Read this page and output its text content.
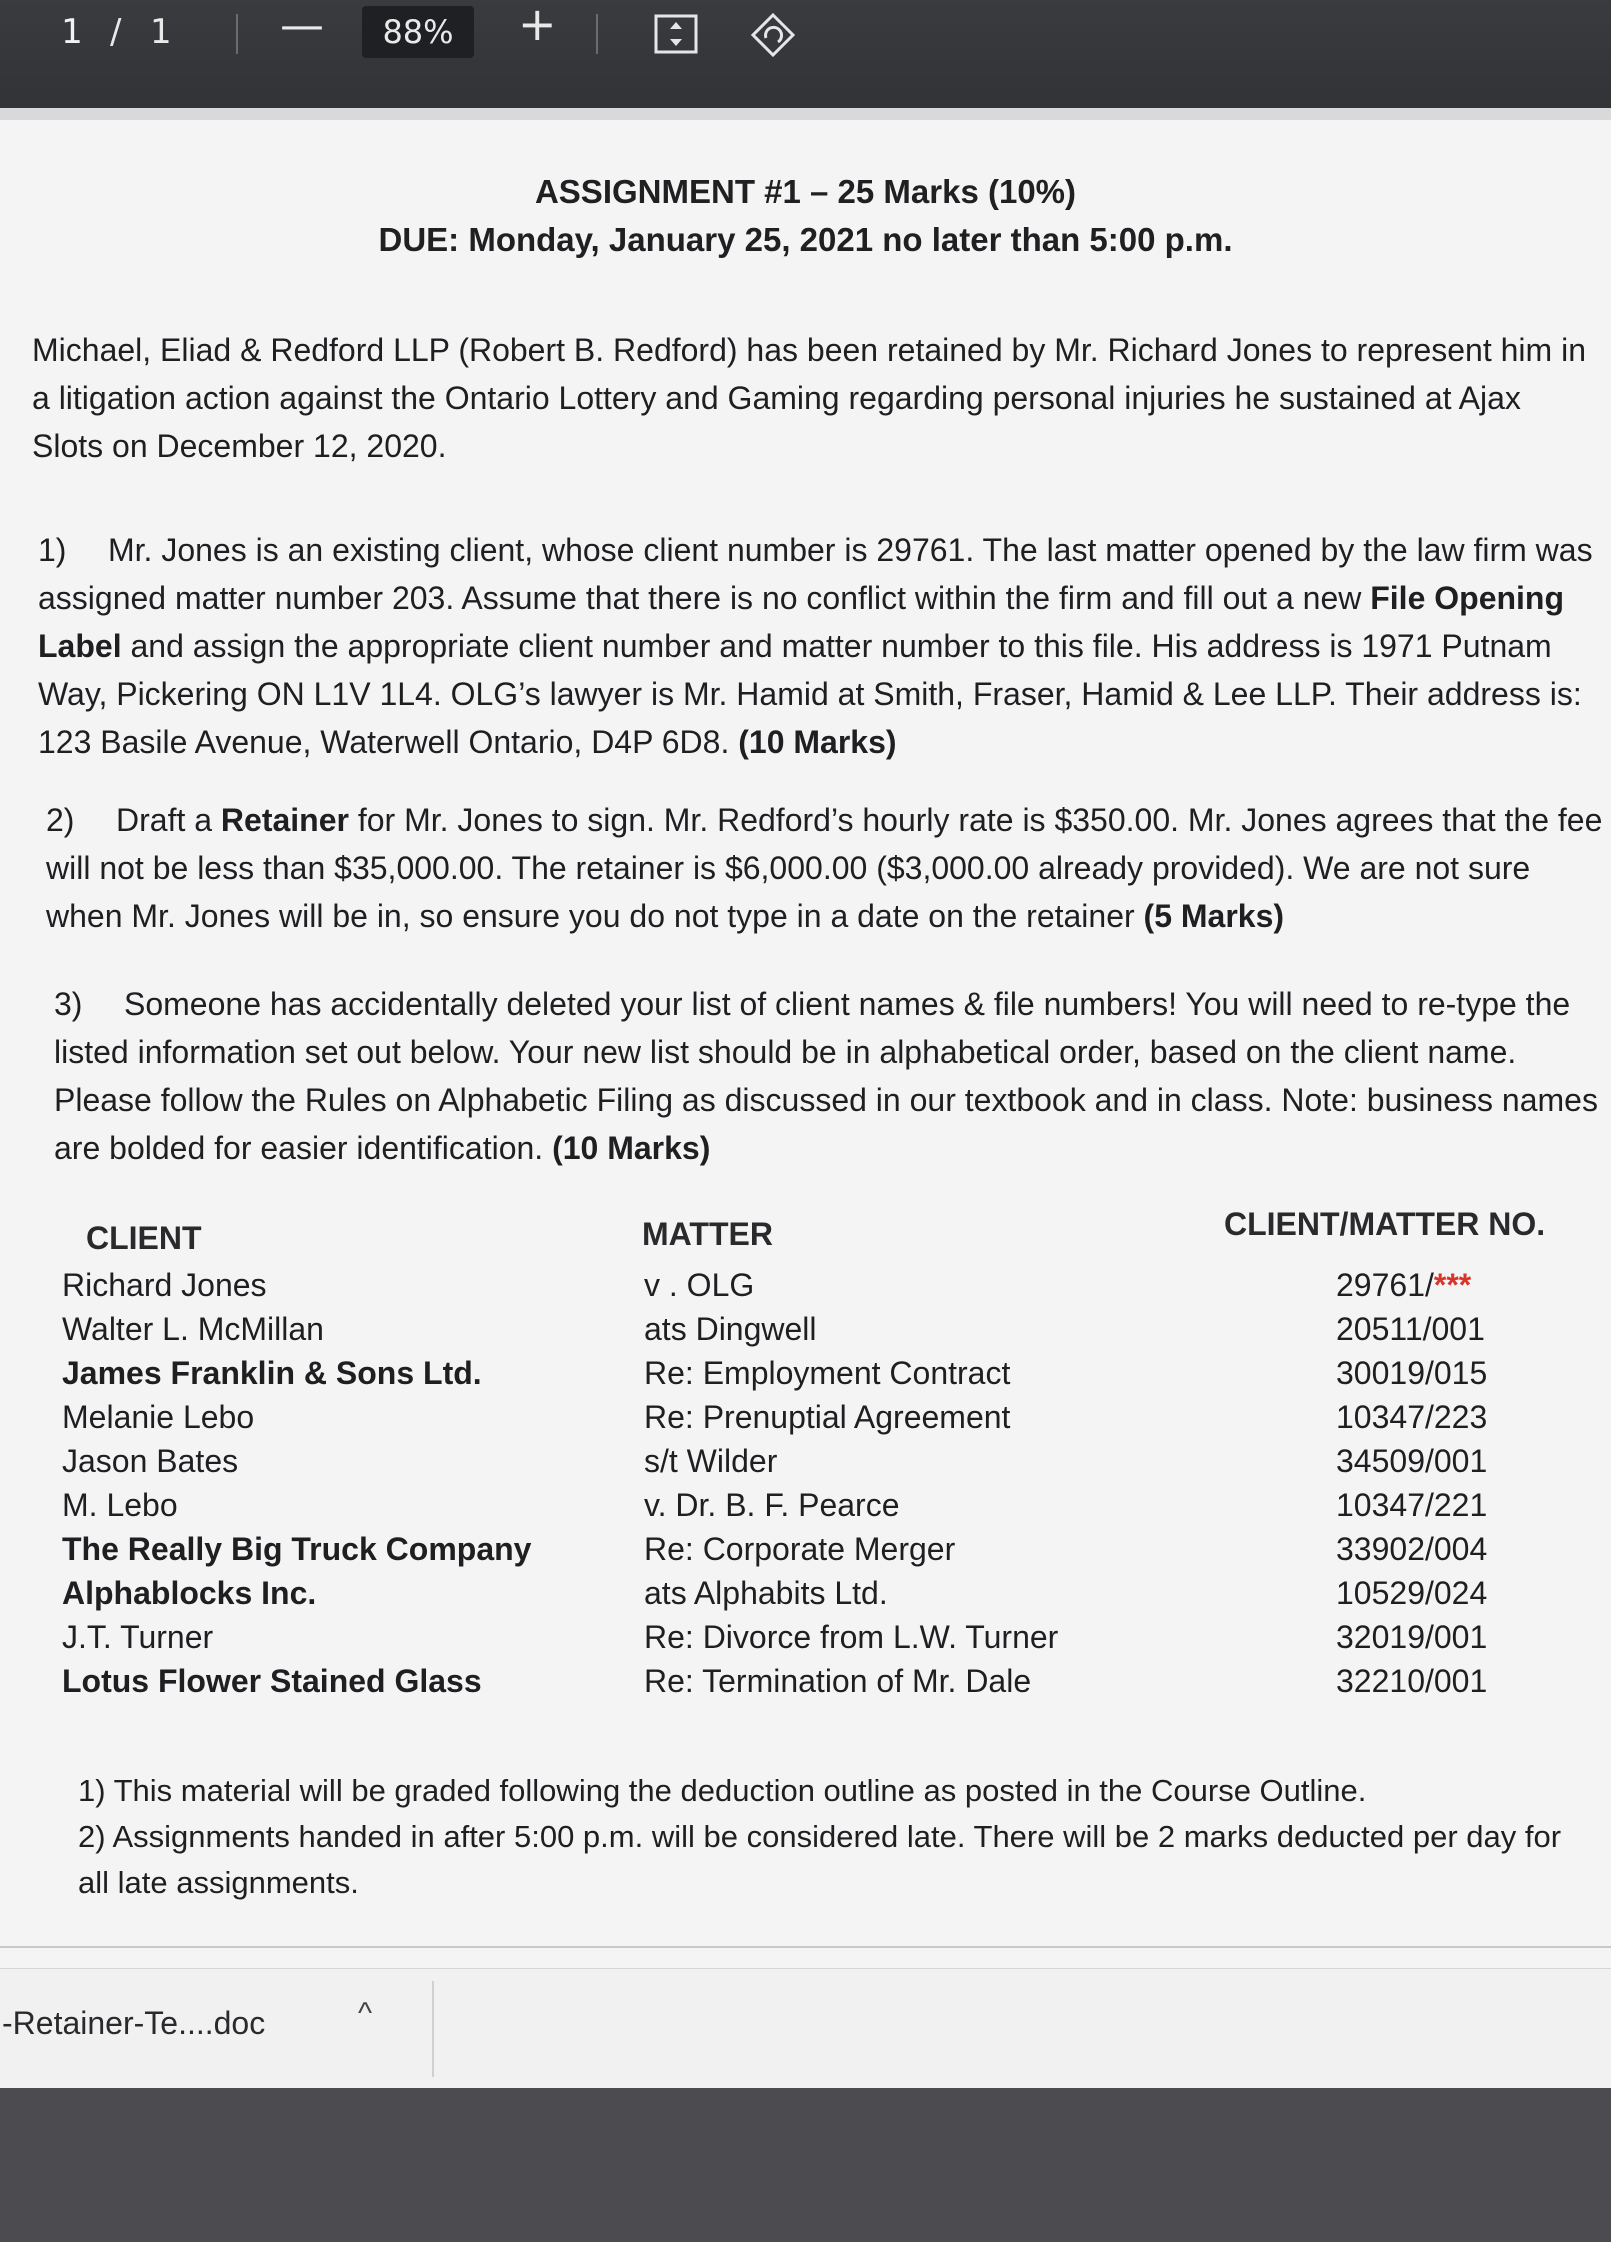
1 / 1 —	88%	+
ASSIGNMENT #1 – 25 Marks (10%)
DUE: Monday, January 25, 2021 no later than 5:00 p.m.
Michael, Eliad & Redford LLP (Robert B. Redford) has been retained by Mr. Richard Jones to represent him in a litigation action against the Ontario Lottery and Gaming regarding personal injuries he sustained at Ajax Slots on December 12, 2020.
1) Mr. Jones is an existing client, whose client number is 29761. The last matter opened by the law firm was assigned matter number 203. Assume that there is no conflict within the firm and fill out a new File Opening Label and assign the appropriate client number and matter number to this file. His address is 1971 Putnam Way, Pickering ON L1V 1L4. OLG’s lawyer is Mr. Hamid at Smith, Fraser, Hamid & Lee LLP. Their address is: 123 Basile Avenue, Waterwell Ontario, D4P 6D8. (10 Marks)
2) Draft a Retainer for Mr. Jones to sign. Mr. Redford’s hourly rate is $350.00. Mr. Jones agrees that the fee will not be less than $35,000.00. The retainer is $6,000.00 ($3,000.00 already provided). We are not sure when Mr. Jones will be in, so ensure you do not type in a date on the retainer (5 Marks)
3) Someone has accidentally deleted your list of client names & file numbers! You will need to re-type the listed information set out below. Your new list should be in alphabetical order, based on the client name. Please follow the Rules on Alphabetic Filing as discussed in our textbook and in class. Note: business names are bolded for easier identification. (10 Marks)
CLIENT	MATTER	CLIENT/MATTER NO.
Richard Jones	v . OLG	29761/***
Walter L. McMillan	ats Dingwell	20511/001
James Franklin & Sons Ltd.	Re: Employment Contract	30019/015
Melanie Lebo	Re: Prenuptial Agreement	10347/223
Jason Bates	s/t Wilder	34509/001
M. Lebo	v. Dr. B. F. Pearce	10347/221
The Really Big Truck Company	Re: Corporate Merger	33902/004
Alphablocks Inc.	ats Alphabits Ltd.	10529/024
J.T. Turner	Re: Divorce from L.W. Turner	32019/001
Lotus Flower Stained Glass	Re: Termination of Mr. Dale	32210/001
1) This material will be graded following the deduction outline as posted in the Course Outline.
2) Assignments handed in after 5:00 p.m. will be considered late. There will be 2 marks deducted per day for all late assignments.
-Retainer-Te....doc	^
